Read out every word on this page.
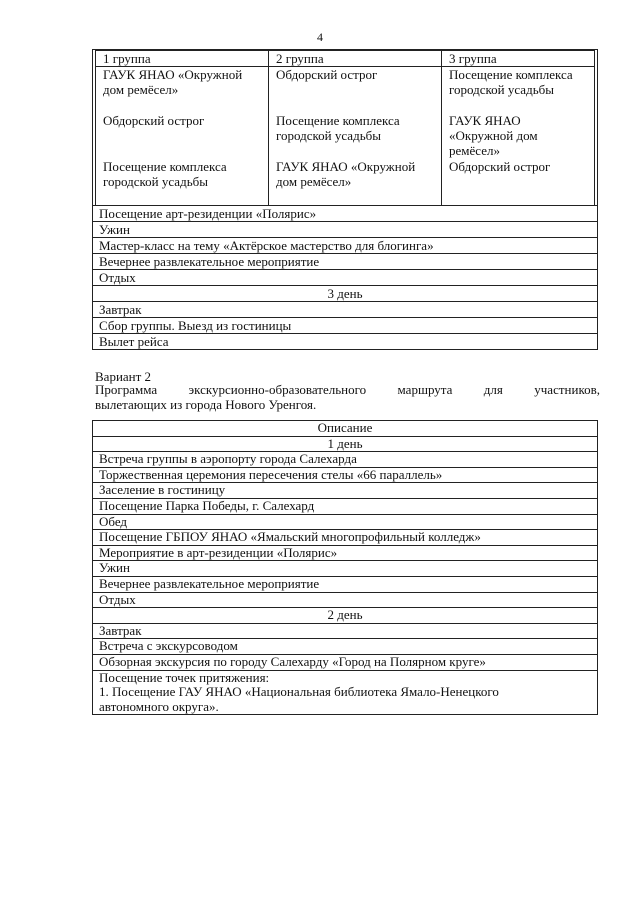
4
1 группа	2 группа	3 группа
ГАУК ЯНАО «Окружной дом ремёсел»	Обдорский острог	Посещение комплекса городской усадьбы
Обдорский острог	Посещение комплекса городской усадьбы	ГАУК ЯНАО «Окружной дом ремёсел»
Посещение комплекса городской усадьбы	ГАУК ЯНАО «Окружной дом ремёсел»	Обдорский острог

Посещение арт-резиденции «Полярис»
Ужин
Мастер-класс на тему «Актёрское мастерство для блогинга»
Вечернее развлекательное мероприятие
Отдых
3 день
Завтрак
Сбор группы. Выезд из гостиницы
Вылет рейса
Вариант 2
Программа экскурсионно-образовательного маршрута для участников,
вылетающих из города Нового Уренгоя.
Описание
1 день
Встреча группы в аэропорту города Салехарда
Торжественная церемония пересечения стелы «66 параллель»
Заселение в гостиницу
Посещение Парка Победы, г. Салехард
Обед
Посещение ГБПОУ ЯНАО «Ямальский многопрофильный колледж»
Мероприятие в арт-резиденции «Полярис»
Ужин
Вечернее развлекательное мероприятие
Отдых
2 день
Завтрак
Встреча с экскурсоводом
Обзорная экскурсия по городу Салехарду «Город на Полярном круге»

Посещение точек притяжения:
1. Посещение ГАУ ЯНАО «Национальная библиотека Ямало-Ненецкого
автономного округа».
